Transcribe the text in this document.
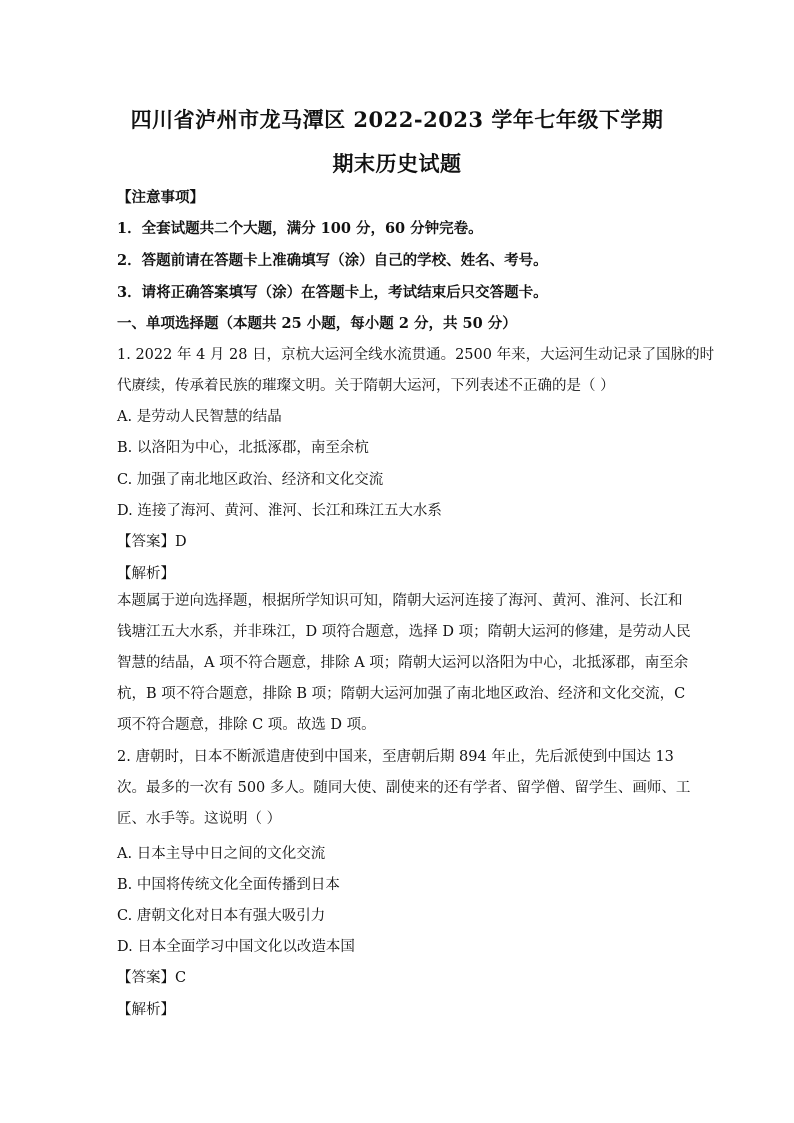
四川省泸州市龙马潭区 2022-2023 学年七年级下学期
期末历史试题
【注意事项】
1．全套试题共二个大题，满分 100 分，60 分钟完卷。
2．答题前请在答题卡上准确填写（涂）自己的学校、姓名、考号。
3．请将正确答案填写（涂）在答题卡上，考试结束后只交答题卡。
一、单项选择题（本题共 25 小题，每小题 2 分，共 50 分）
1. 2022 年 4 月 28 日，京杭大运河全线水流贯通。2500 年来，大运河生动记录了国脉的时
代赓续，传承着民族的璀璨文明。关于隋朝大运河，下列表述不正确的是（ ）
A. 是劳动人民智慧的结晶
B. 以洛阳为中心，北抵涿郡，南至余杭
C. 加强了南北地区政治、经济和文化交流
D. 连接了海河、黄河、淮河、长江和珠江五大水系
【答案】D
【解析】
本题属于逆向选择题，根据所学知识可知，隋朝大运河连接了海河、黄河、淮河、长江和
钱塘江五大水系，并非珠江，D 项符合题意，选择 D 项；隋朝大运河的修建，是劳动人民
智慧的结晶，A 项不符合题意，排除 A 项；隋朝大运河以洛阳为中心，北抵涿郡，南至余
杭，B 项不符合题意，排除 B 项；隋朝大运河加强了南北地区政治、经济和文化交流，C
项不符合题意，排除 C 项。故选 D 项。
2. 唐朝时，日本不断派遣唐使到中国来，至唐朝后期 894 年止，先后派使到中国达 13
次。最多的一次有 500 多人。随同大使、副使来的还有学者、留学僧、留学生、画师、工
匠、水手等。这说明（ ）
A. 日本主导中日之间的文化交流
B. 中国将传统文化全面传播到日本
C. 唐朝文化对日本有强大吸引力
D. 日本全面学习中国文化以改造本国
【答案】C
【解析】
